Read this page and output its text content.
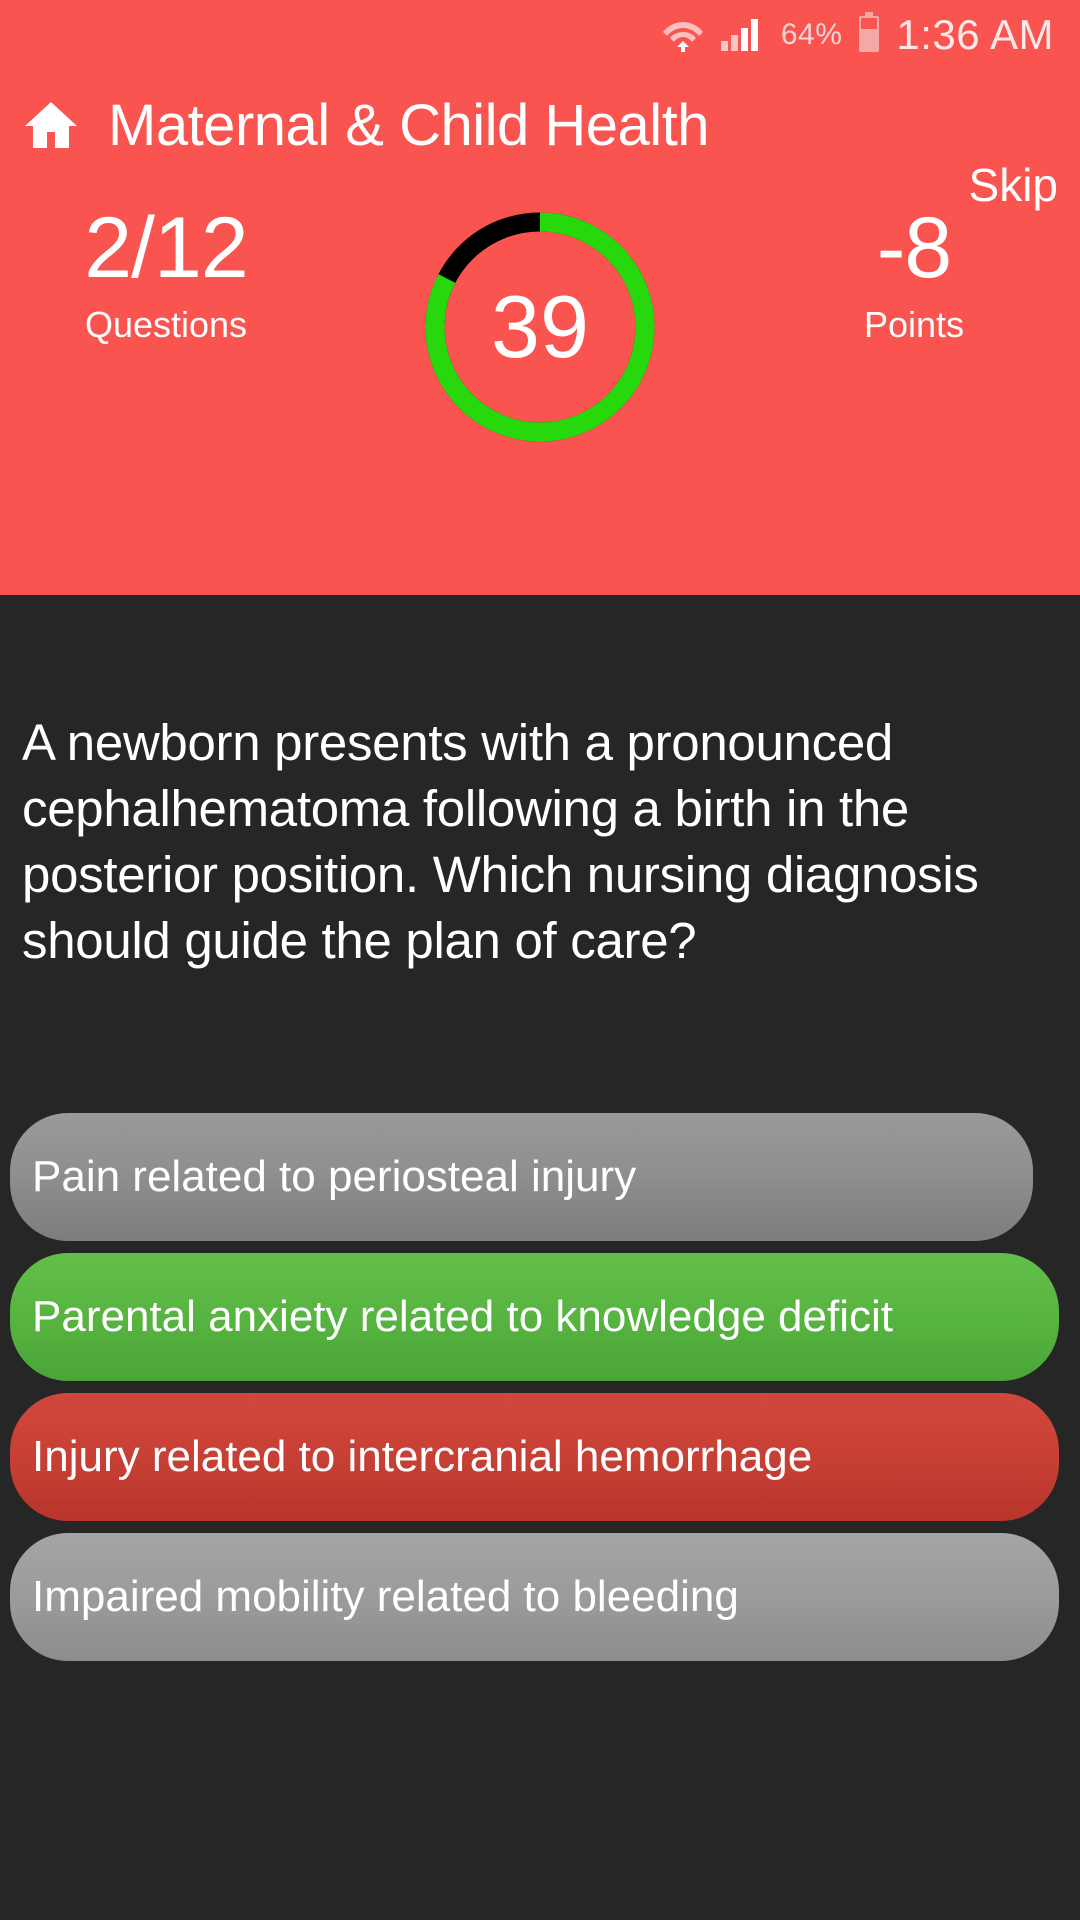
64% 1:36 AM
Maternal & Child Health
Skip
2/12
Questions	39
-8
Points
A newborn presents with a pronounced cephalhematoma following a birth in the posterior position. Which nursing diagnosis should guide the plan of care?
Pain related to periosteal injury
Parental anxiety related to knowledge deficit
Injury related to intercranial hemorrhage
Impaired mobility related to bleeding
